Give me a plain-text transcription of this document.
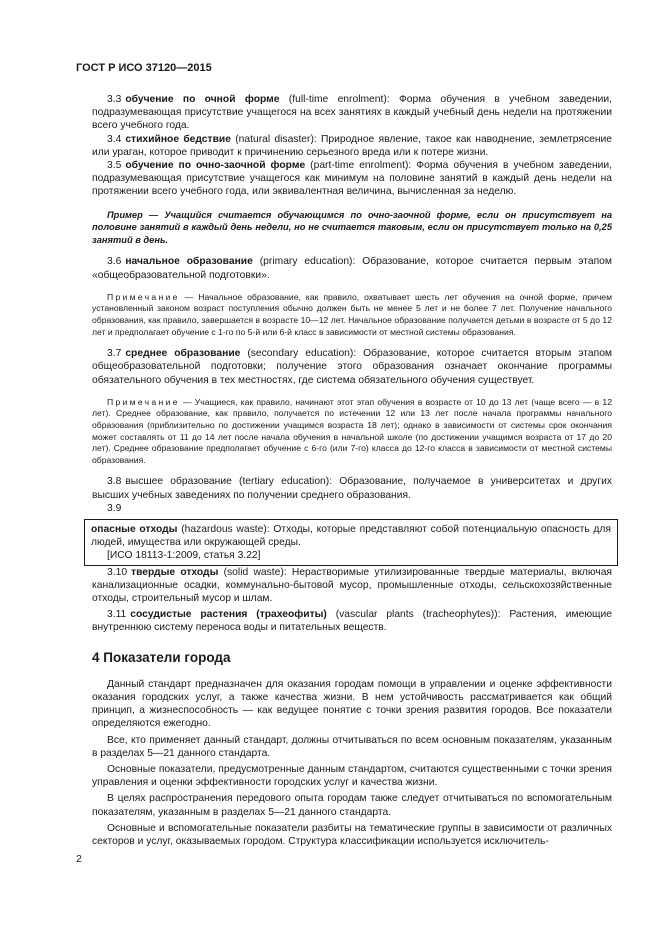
ГОСТ Р ИСО 37120—2015

3.3 обучение по очной форме (full-time enrolment): Форма обучения в учебном заведении, подразумевающая присутствие учащегося на всех занятиях в каждый учебный день недели на протяжении всего учебного года.

3.4 стихийное бедствие (natural disaster): Природное явление, такое как наводнение, землетрясение или ураган, которое приводит к причинению серьезного вреда или к потере жизни.

3.5 обучение по очно-заочной форме (part-time enrolment): Форма обучения в учебном заведении, подразумевающая присутствие учащегося как минимум на половине занятий в каждый день недели на протяжении всего учебного года, или эквивалентная величина, вычисленная за неделю.

Пример — Учащийся считается обучающимся по очно-заочной форме, если он присутствует на половине занятий в каждый день недели, но не считается таковым, если он присутствует только на 0,25 занятий в день.

3.6 начальное образование (primary education): Образование, которое считается первым этапом «общеобразовательной подготовки».

Примечание — Начальное образование, как правило, охватывает шесть лет обучения на очной форме, причем установленный законом возраст поступления обычно должен быть не менее 5 лет и не более 7 лет. Получение начального образования, как правило, завершается в возрасте 10—12 лет. Начальное образование получается детьми в возрасте от 5 до 12 лет и предполагает обучение с 1-го по 5-й или 6-й класс в зависимости от местной системы образования.

3.7 среднее образование (secondary education): Образование, которое считается вторым этапом общеобразовательной подготовки; получение этого образования означает окончание программы обязательного обучения в тех местностях, где система обязательного обучения существует.

Примечание — Учащиеся, как правило, начинают этот этап обучения в возрасте от 10 до 13 лет (чаще всего — в 12 лет). Среднее образование, как правило, получается по истечении 12 или 13 лет после начала программы начального образования (приблизительно по достижении учащимся возраста 18 лет); однако в зависимости от системы срок окончания может составлять от 11 до 14 лет после начала обучения в начальной школе (по достижении учащимся возраста от 17 до 20 лет). Среднее образование предполагает обучение с 6-го (или 7-го) класса до 12-го класса в зависимости от местной системы образования.

3.8 высшее образование (tertiary education): Образование, получаемое в университетах и других высших учебных заведениях по получении среднего образования.

3.9

опасные отходы (hazardous waste): Отходы, которые представляют собой потенциальную опасность для людей, имущества или окружающей среды.

[ИСО 18113-1:2009, статья 3.22]

3.10 твердые отходы (solid waste): Нерастворимые утилизированные твердые материалы, включая канализационные осадки, коммунально-бытовой мусор, промышленные отходы, сельскохозяйственные отходы, строительный мусор и шлам.

3.11 сосудистые растения (трахеофиты) (vascular plants (tracheophytes)): Растения, имеющие внутреннюю систему переноса воды и питательных веществ.

4 Показатели города

Данный стандарт предназначен для оказания городам помощи в управлении и оценке эффективности оказания городских услуг, а также качества жизни. В нем устойчивость рассматривается как общий принцип, а жизнеспособность — как ведущее понятие с точки зрения развития городов. Все показатели определяются ежегодно.

Все, кто применяет данный стандарт, должны отчитываться по всем основным показателям, указанным в разделах 5—21 данного стандарта.

Основные показатели, предусмотренные данным стандартом, считаются существенными с точки зрения управления и оценки эффективности городских услуг и качества жизни.

В целях распространения передового опыта городам также следует отчитываться по вспомогательным показателям, указанным в разделах 5—21 данного стандарта.

Основные и вспомогательные показатели разбиты на тематические группы в зависимости от различных секторов и услуг, оказываемых городом. Структура классификации используется исключитель-

2
